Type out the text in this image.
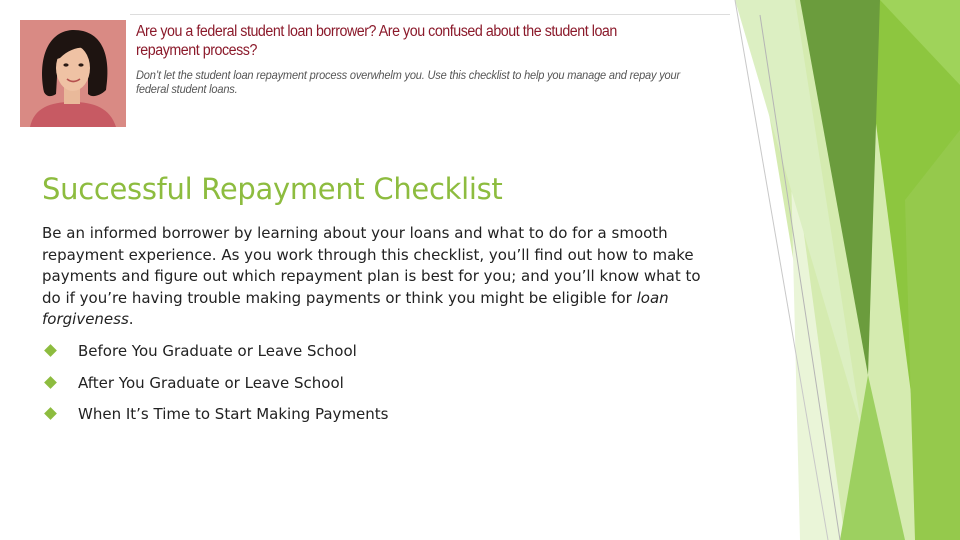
Are you a federal student loan borrower? Are you confused about the student loan repayment process?
Don’t let the student loan repayment process overwhelm you. Use this checklist to help you manage and repay your federal student loans.
Successful Repayment Checklist

Be an informed borrower by learning about your loans and what to do for a smooth repayment experience. As you work through this checklist, you’ll find out how to make payments and figure out which repayment plan is best for you; and you’ll know what to do if you’re having trouble making payments or think you might be eligible for loan forgiveness.

Before You Graduate or Leave School
After You Graduate or Leave School
When It’s Time to Start Making Payments
